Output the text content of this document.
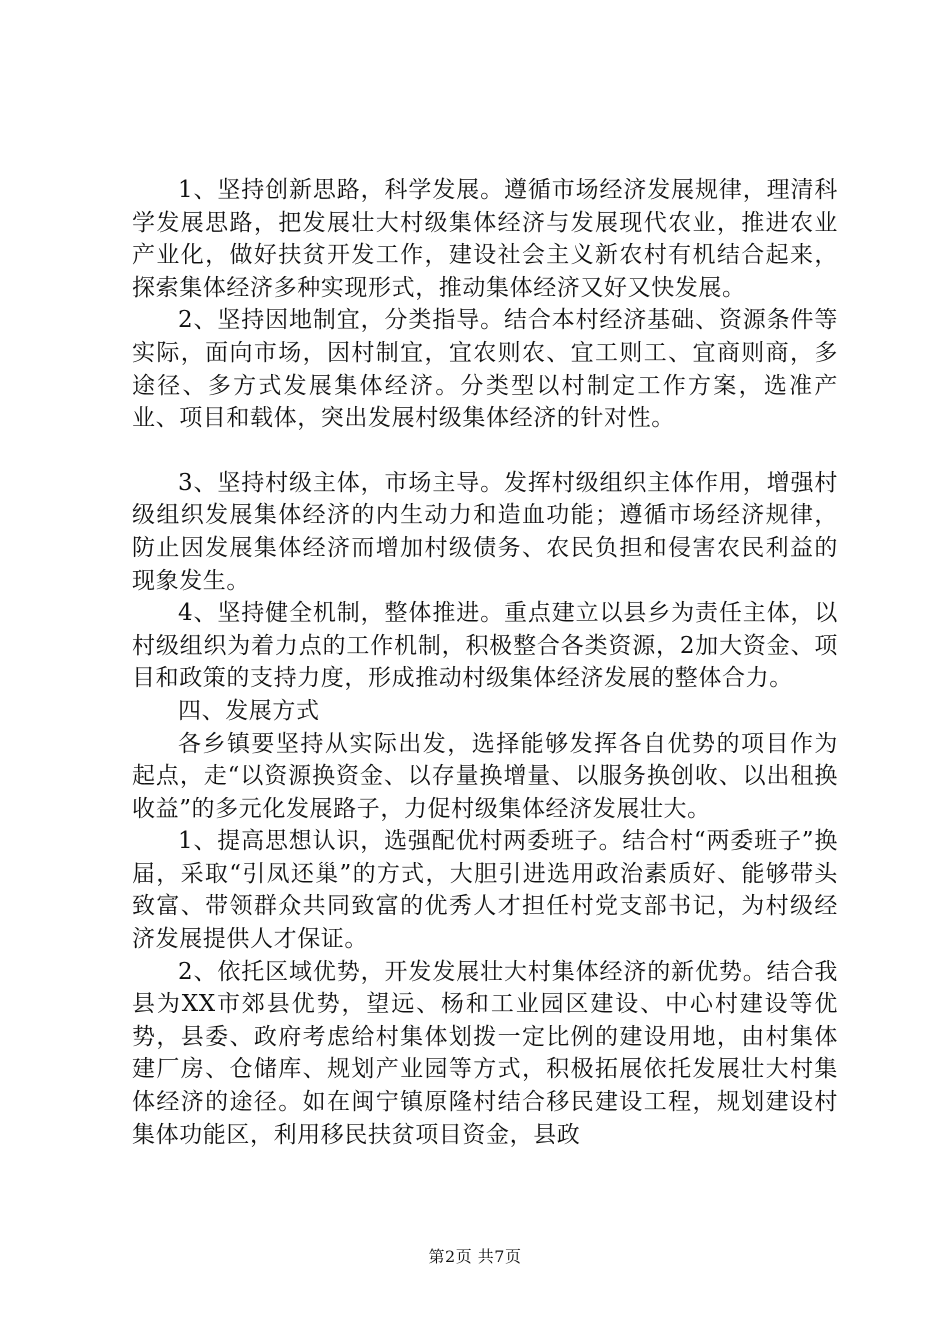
1、坚持创新思路，科学发展。遵循市场经济发展规律，理清科学发展思路，把发展壮大村级集体经济与发展现代农业，推进农业产业化，做好扶贫开发工作，建设社会主义新农村有机结合起来，探索集体经济多种实现形式，推动集体经济又好又快发展。

2、坚持因地制宜，分类指导。结合本村经济基础、资源条件等实际，面向市场，因村制宜，宜农则农、宜工则工、宜商则商，多途径、多方式发展集体经济。分类型以村制定工作方案，选准产业、项目和载体，突出发展村级集体经济的针对性。

3、坚持村级主体，市场主导。发挥村级组织主体作用，增强村级组织发展集体经济的内生动力和造血功能；遵循市场经济规律，防止因发展集体经济而增加村级债务、农民负担和侵害农民利益的现象发生。

4、坚持健全机制，整体推进。重点建立以县乡为责任主体，以村级组织为着力点的工作机制，积极整合各类资源，2加大资金、项目和政策的支持力度，形成推动村级集体经济发展的整体合力。

四、发展方式

各乡镇要坚持从实际出发，选择能够发挥各自优势的项目作为起点，走“以资源换资金、以存量换增量、以服务换创收、以出租换收益”的多元化发展路子，力促村级集体经济发展壮大。

1、提高思想认识，选强配优村两委班子。结合村“两委班子”换届，采取“引凤还巢”的方式，大胆引进选用政治素质好、能够带头致富、带领群众共同致富的优秀人才担任村党支部书记，为村级经济发展提供人才保证。

2、依托区域优势，开发发展壮大村集体经济的新优势。结合我县为XX市郊县优势，望远、杨和工业园区建设、中心村建设等优势，县委、政府考虑给村集体划拨一定比例的建设用地，由村集体建厂房、仓储库、规划产业园等方式，积极拓展依托发展壮大村集体经济的途径。如在闽宁镇原隆村结合移民建设工程，规划建设村集体功能区，利用移民扶贫项目资金，县政

第2页 共7页
